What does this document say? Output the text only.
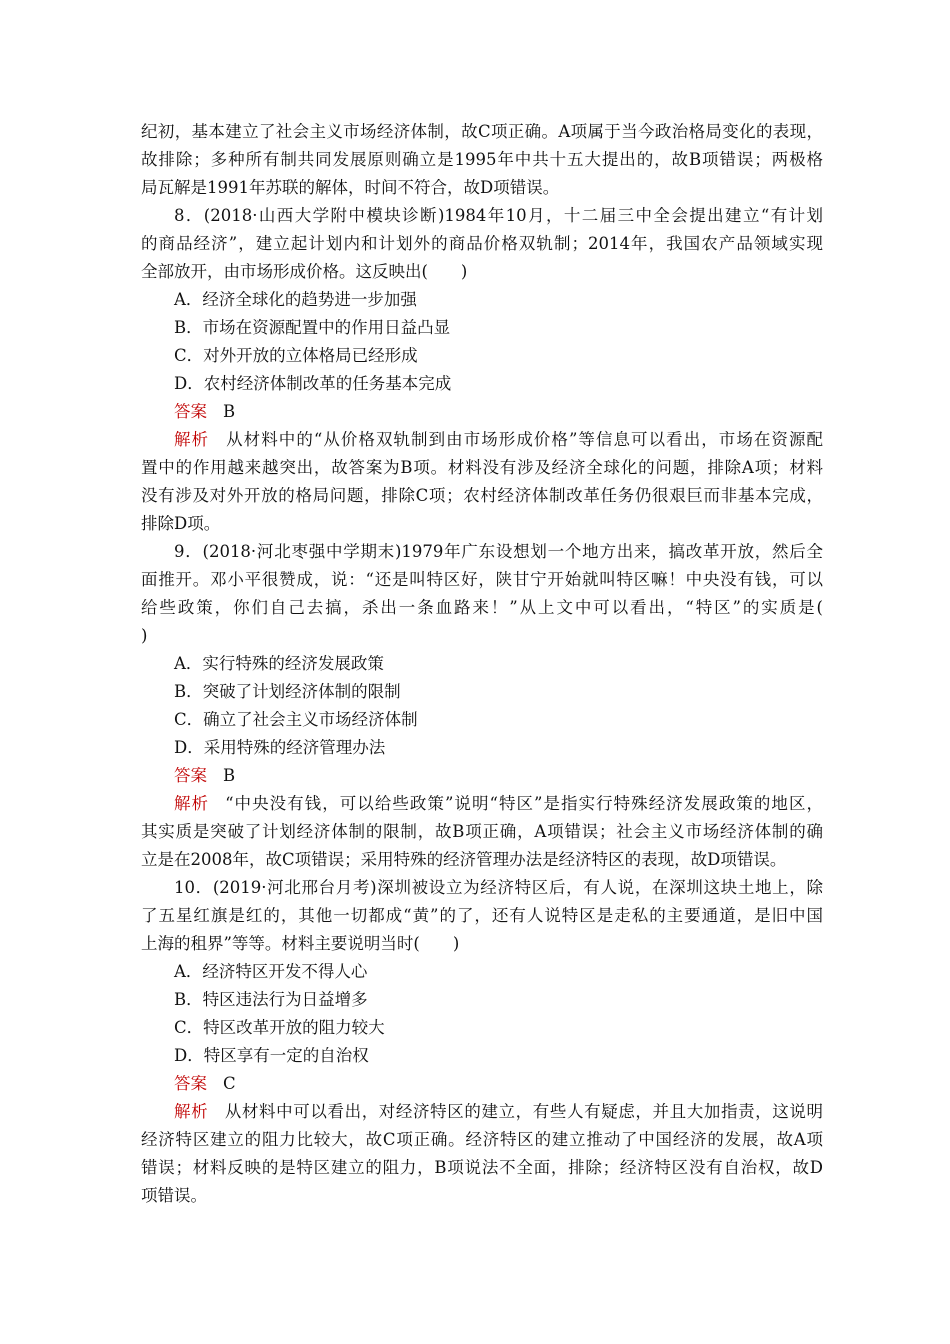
纪初，基本建立了社会主义市场经济体制，故C项正确。A项属于当今政治格局变化的表现，
故排除；多种所有制共同发展原则确立是1995年中共十五大提出的，故B项错误；两极格
局瓦解是1991年苏联的解体，时间不符合，故D项错误。
8．(2018·山西大学附中模块诊断)1984年10月，十二届三中全会提出建立“有计划
的商品经济”，建立起计划内和计划外的商品价格双轨制；2014年，我国农产品领域实现
全部放开，由市场形成价格。这反映出(　　)
A．经济全球化的趋势进一步加强
B．市场在资源配置中的作用日益凸显
C．对外开放的立体格局已经形成
D．农村经济体制改革的任务基本完成
答案 B
解析 从材料中的“从价格双轨制到由市场形成价格”等信息可以看出，市场在资源配
置中的作用越来越突出，故答案为B项。材料没有涉及经济全球化的问题，排除A项；材料
没有涉及对外开放的格局问题，排除C项；农村经济体制改革任务仍很艰巨而非基本完成，
排除D项。
9．(2018·河北枣强中学期末)1979年广东设想划一个地方出来，搞改革开放，然后全
面推开。邓小平很赞成，说：“还是叫特区好，陕甘宁开始就叫特区嘛！中央没有钱，可以
给些政策，你们自己去搞，杀出一条血路来！”从上文中可以看出，“特区”的实质是(
)
A．实行特殊的经济发展政策
B．突破了计划经济体制的限制
C．确立了社会主义市场经济体制
D．采用特殊的经济管理办法
答案 B
解析 “中央没有钱，可以给些政策”说明“特区”是指实行特殊经济发展政策的地区，
其实质是突破了计划经济体制的限制，故B项正确，A项错误；社会主义市场经济体制的确
立是在2008年，故C项错误；采用特殊的经济管理办法是经济特区的表现，故D项错误。
10．(2019·河北邢台月考)深圳被设立为经济特区后，有人说，在深圳这块土地上，除
了五星红旗是红的，其他一切都成“黄”的了，还有人说特区是走私的主要通道，是旧中国
上海的租界”等等。材料主要说明当时(　　)
A．经济特区开发不得人心
B．特区违法行为日益增多
C．特区改革开放的阻力较大
D．特区享有一定的自治权
答案 C
解析 从材料中可以看出，对经济特区的建立，有些人有疑虑，并且大加指责，这说明
经济特区建立的阻力比较大，故C项正确。经济特区的建立推动了中国经济的发展，故A项
错误；材料反映的是特区建立的阻力，B项说法不全面，排除；经济特区没有自治权，故D
项错误。
